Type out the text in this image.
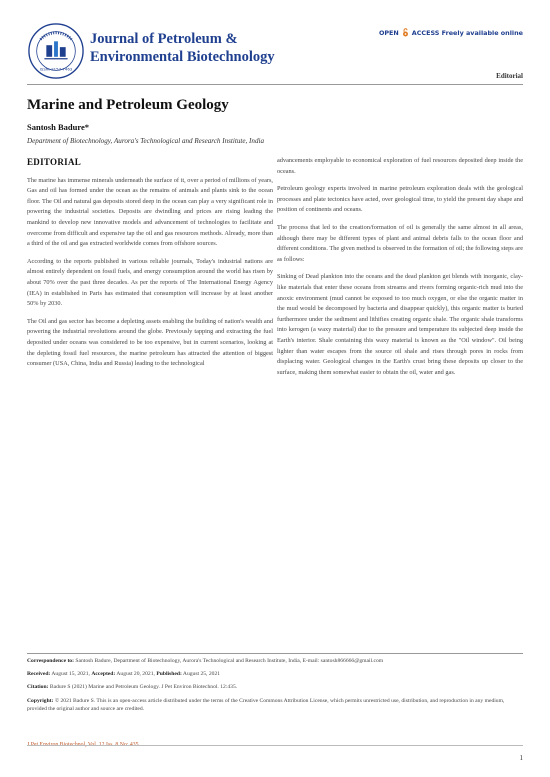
ISSN: 2157-7463
Journal of Petroleum &
Environmental Biotechnology
OPEN ACCESS Freely available online
Editorial
Marine and Petroleum Geology
Santosh Badure*
Department of Biotechnology, Aurora's Technological and Research Institute, India
EDITORIAL

The marine has immense minerals underneath the surface of it, over a period of millions of years, Gas and oil has formed under the ocean as the remains of animals and plants sink to the ocean floor. The Oil and natural gas deposits stored deep in the ocean can play a very significant role in powering the industrial societies. Deposits are dwindling and prices are rising leading the mankind to develop new innovative models and advancement of technologies to facilitate and overcome from difficult and expensive tap the oil and gas resources methods. Already, more than a third of the oil and gas extracted worldwide comes from offshore sources.

According to the reports published in various reliable journals, Today's industrial nations are almost entirely dependent on fossil fuels, and energy consumption around the world has risen by about 70% over the past three decades. As per the reports of The International Energy Agency (IEA) in established in Paris has estimated that consumption will increase by at least another 50% by 2030.

The Oil and gas sector has become a depleting assets enabling the building of nation's wealth and powering the industrial revolutions around the globe. Previously tapping and extracting the fuel deposited under oceans was considered to be too expensive, but in current scenarios, looking at the depleting fossil fuel resources, the marine petroleum has attracted the attention of biggest consumer (USA, China, India and Russia) leading to the technological

advancements employable to economical exploration of fuel resources deposited deep inside the oceans.

Petroleum geology experts involved in marine petroleum exploration deals with the geological processes and plate tectonics have acted, over geological time, to yield the present day shape and position of continents and oceans.

The process that led to the creation/formation of oil is generally the same almost in all areas, although there may be different types of plant and animal debris falls to the ocean floor and different conditions. The given method is observed in the formation of oil; the following steps are as follows:

Sinking of Dead plankton into the oceans and the dead plankton get blends with inorganic, clay-like materials that enter these oceans from streams and rivers forming organic-rich mud into the anoxic environment (mud cannot be exposed to too much oxygen, or else the organic matter in the mud would be decomposed by bacteria and disappear quickly), this organic matter is buried furthermore under the sediment and lithifies creating organic shale. The organic shale transforms into kerogen (a waxy material) due to the pressure and temperature its subjected deep inside the Earth's interior. Shale containing this waxy material is known as the "Oil window". Oil being lighter than water escapes from the source oil shale and rises through pores in rocks from displacing water. Geological changes in the Earth's crust bring these deposits up closer to the surface, making them somewhat easier to obtain the oil, water and gas.

Correspondence to: Santosh Badure, Department of Biotechnology, Aurora's Technological and Research Institute, India, E-mail: santosh866666@gmail.com

Received: August 15, 2021, Accepted: August 20, 2021, Published: August 25, 2021

Citation: Badure S (2021) Marine and Petroleum Geology. J Pet Environ Biotechnol. 12:435.

Copyright: © 2021 Badure S. This is an open-access article distributed under the terms of the Creative Commons Attribution License, which permits unrestricted use, distribution, and reproduction in any medium, provided the original author and source are credited.

J Pet Environ Biotechnol, Vol. 12 Iss. 8 No: 435
1
